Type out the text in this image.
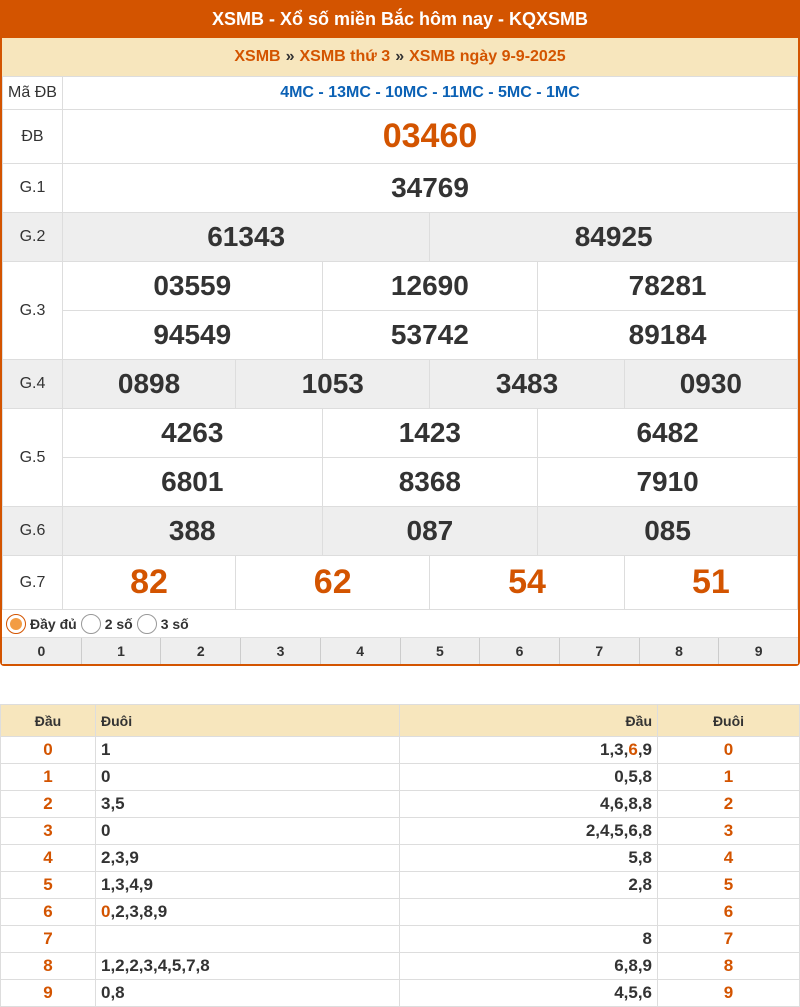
XSMB - Xổ số miền Bắc hôm nay - KQXSMB
XSMB » XSMB thứ 3 » XSMB ngày 9-9-2025
Mã ĐB	4MC - 13MC - 10MC - 11MC - 5MC - 1MC					
ĐB	03460					
G.1	34769					
G.2	61343			84925		
G.3	03559		12690		78281	
	94549		53742		89184	
G.4	0898	1053		3483		0930
G.5	4263		1423		6482	
	6801		8368		7910	
G.6	388		087		085	
G.7	82	62		54		51
Đầy đủ 2 số 3 số
0	1	2	3	4	5	6	7	8	9
Đầu	Đuôi	Đầu	Đuôi
0	1	1,3,6,9	0
1	0	0,5,8	1
2	3,5	4,6,8,8	2
3	0	2,4,5,6,8	3
4	2,3,9	5,8	4
5	1,3,4,9	2,8	5
6	0,2,3,8,9		6
7		8	7
8	1,2,2,3,4,5,7,8	6,8,9	8
9	0,8	4,5,6	9
